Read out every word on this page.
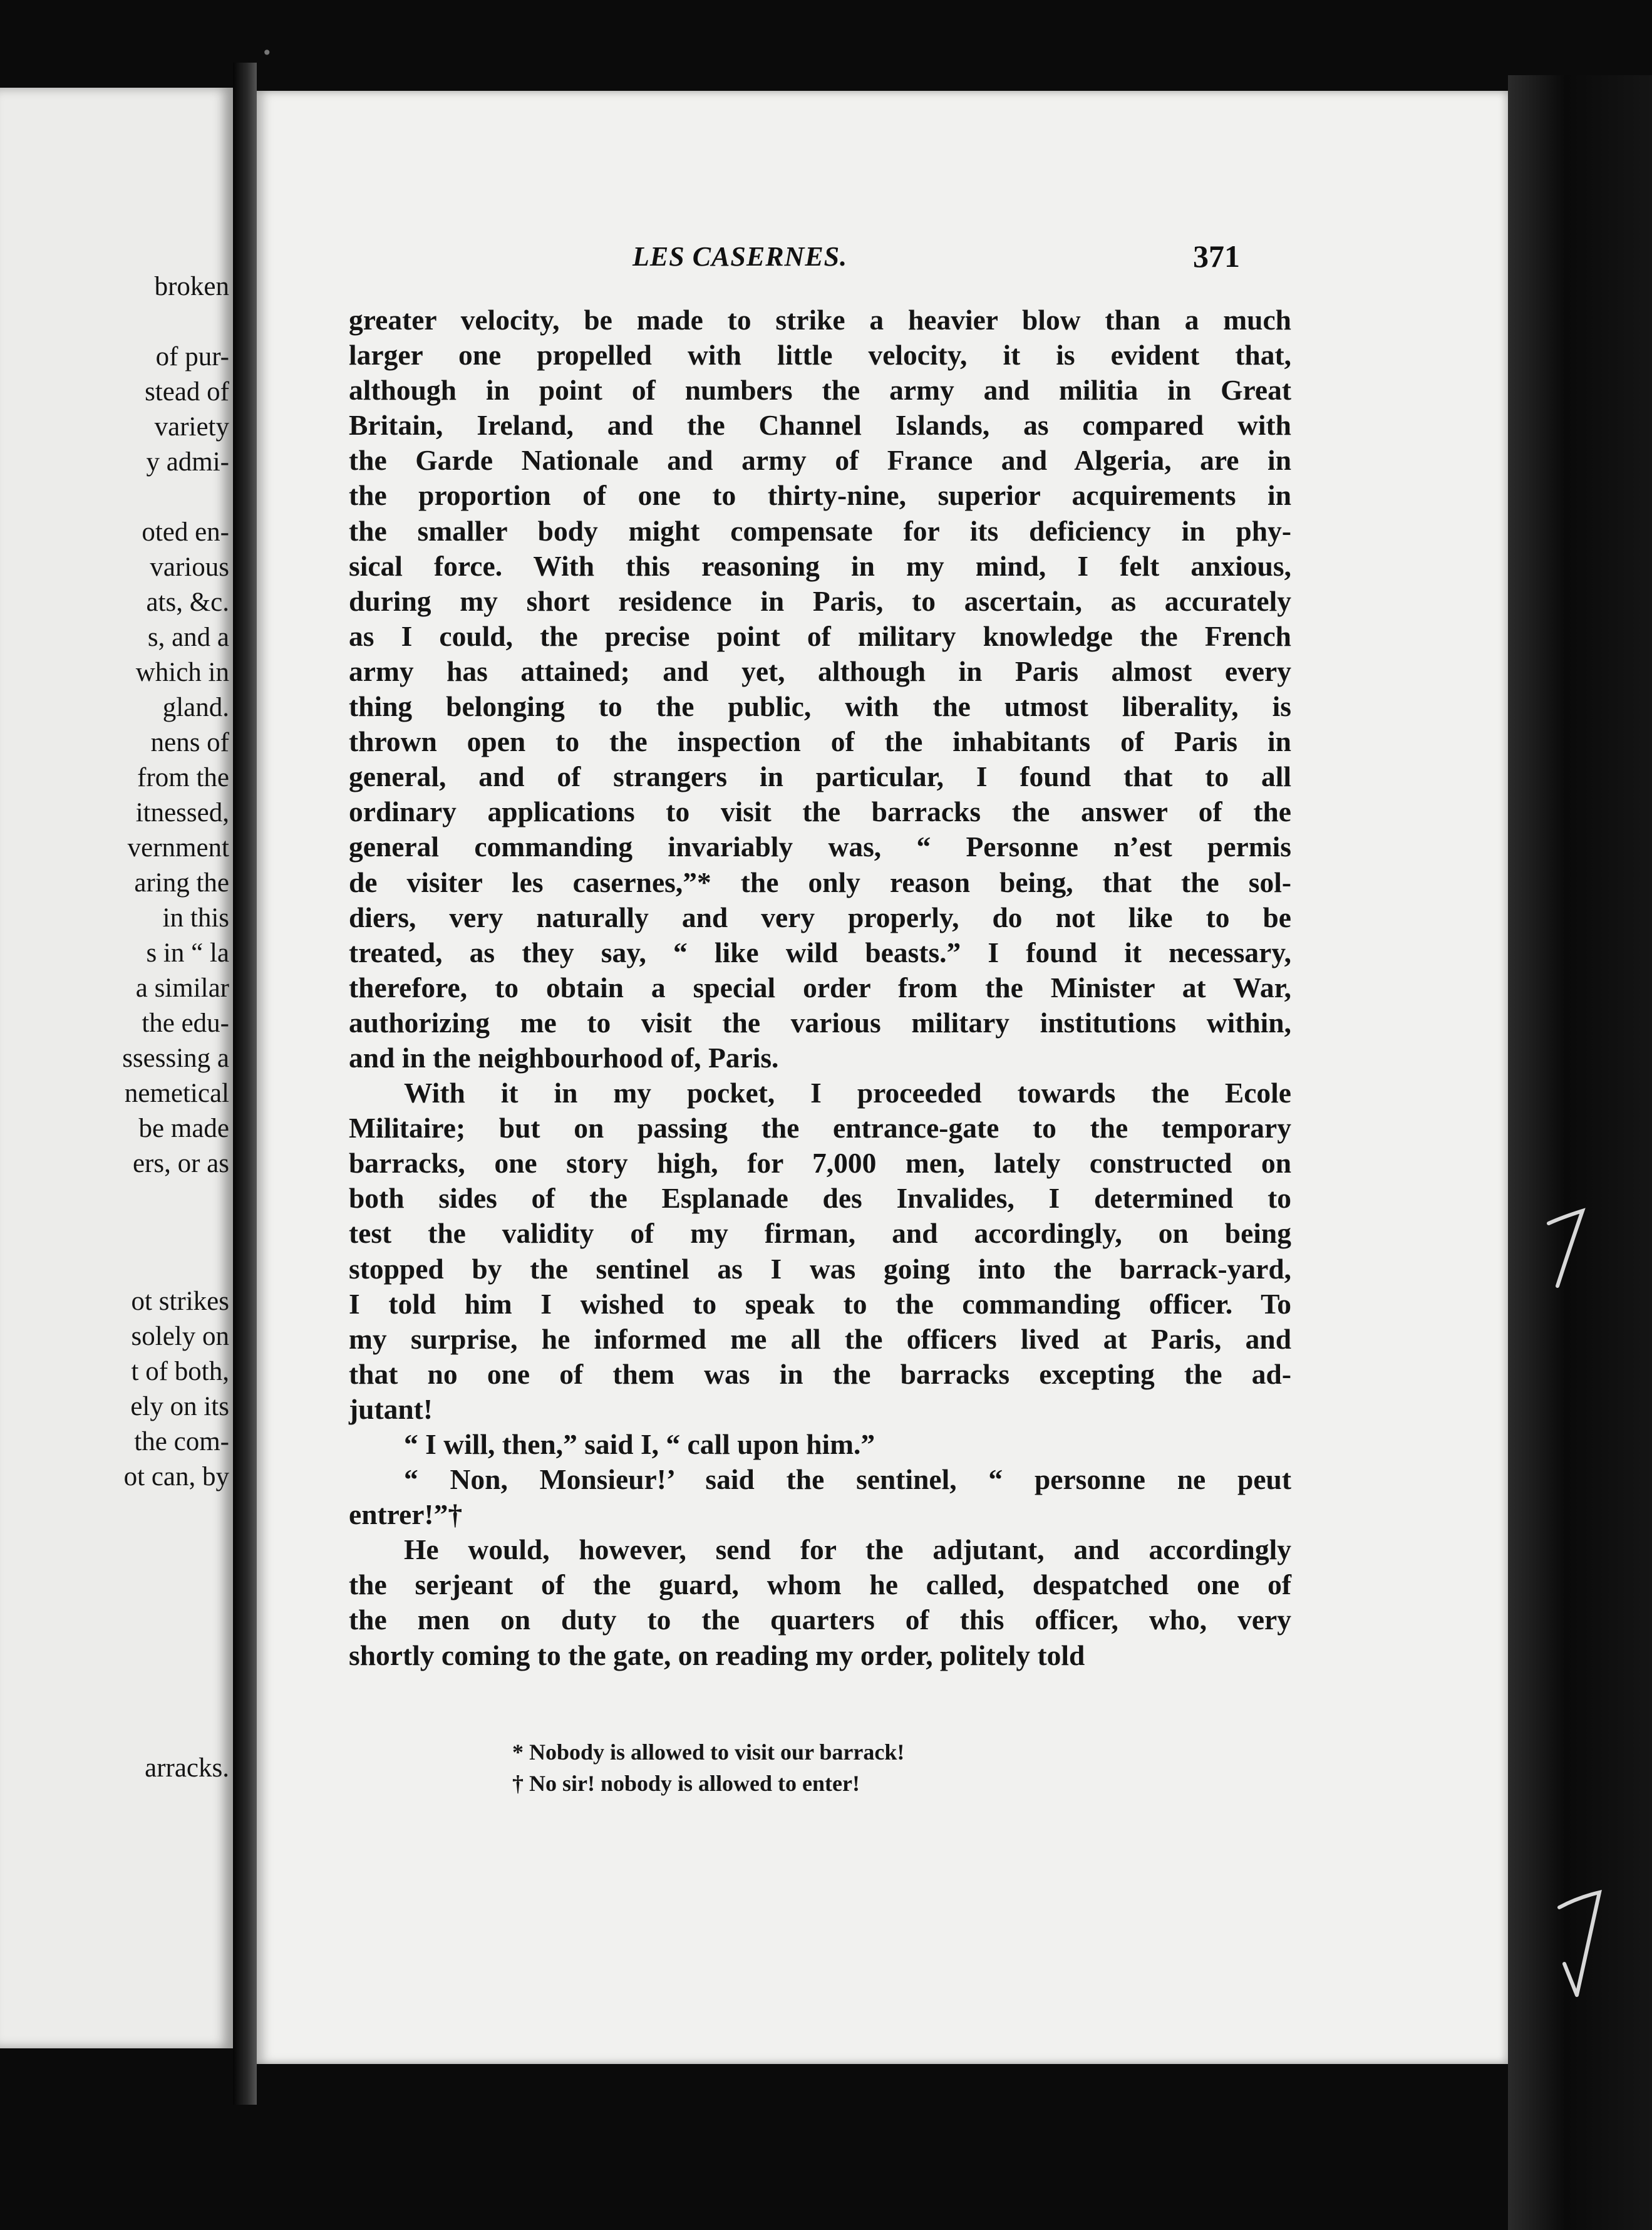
•
broken

of pur-
stead of
variety
y admi-

oted en-
various
ats, &c.
s, and a
which in
gland.
nens of
from the
itnessed,
vernment
aring the
in this
s in “ la
a similar
the edu-
ssessing a
nemetical
be made
ers, or as
ot strikes
solely on
t of both,
ely on its
the com-
ot can, by
arracks.

LES CASERNES.	371

greater velocity, be made to strike a heavier blow than a much
larger one propelled with little velocity, it is evident that,
although in point of numbers the army and militia in Great
Britain, Ireland, and the Channel Islands, as compared with
the Garde Nationale and army of France and Algeria, are in
the proportion of one to thirty-nine, superior acquirements in
the smaller body might compensate for its deficiency in phy-
sical force. With this reasoning in my mind, I felt anxious,
during my short residence in Paris, to ascertain, as accurately
as I could, the precise point of military knowledge the French
army has attained; and yet, although in Paris almost every
thing belonging to the public, with the utmost liberality, is
thrown open to the inspection of the inhabitants of Paris in
general, and of strangers in particular, I found that to all
ordinary applications to visit the barracks the answer of the
general commanding invariably was, “ Personne n’est permis
de visiter les casernes,”* the only reason being, that the sol-
diers, very naturally and very properly, do not like to be
treated, as they say, “ like wild beasts.” I found it necessary,
therefore, to obtain a special order from the Minister at War,
authorizing me to visit the various military institutions within,
and in the neighbourhood of, Paris.
With it in my pocket, I proceeded towards the Ecole
Militaire; but on passing the entrance-gate to the temporary
barracks, one story high, for 7,000 men, lately constructed on
both sides of the Esplanade des Invalides, I determined to
test the validity of my firman, and accordingly, on being
stopped by the sentinel as I was going into the barrack-yard,
I told him I wished to speak to the commanding officer. To
my surprise, he informed me all the officers lived at Paris, and
that no one of them was in the barracks excepting the ad-
jutant!
“ I will, then,” said I, “ call upon him.”
“ Non, Monsieur!’ said the sentinel, “ personne ne peut
entrer!”†
He would, however, send for the adjutant, and accordingly
the serjeant of the guard, whom he called, despatched one of
the men on duty to the quarters of this officer, who, very
shortly coming to the gate, on reading my order, politely told
* Nobody is allowed to visit our barrack!
† No sir! nobody is allowed to enter!
